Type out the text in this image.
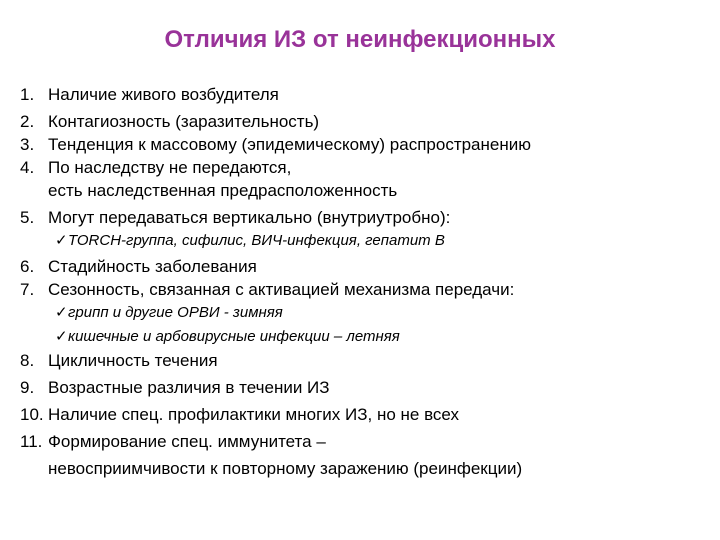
Отличия ИЗ от неинфекционных
1. Наличие живого возбудителя
2. Контагиозность (заразительность)
3. Тенденция к массовому (эпидемическому) распространению
4. По наследству не передаются,
есть наследственная предрасположенность
5. Могут передаваться вертикально (внутриутробно):
✓ TORCH-группа, сифилис, ВИЧ-инфекция, гепатит В
6. Стадийность заболевания
7. Сезонность, связанная с активацией механизма передачи:
✓ грипп и другие ОРВИ - зимняя
✓ кишечные и арбовирусные инфекции – летняя
8. Цикличность течения
9. Возрастные различия в течении ИЗ
10. Наличие спец. профилактики многих ИЗ, но не всех
11. Формирование спец. иммунитета –
невосприимчивости к повторному заражению (реинфекции)
